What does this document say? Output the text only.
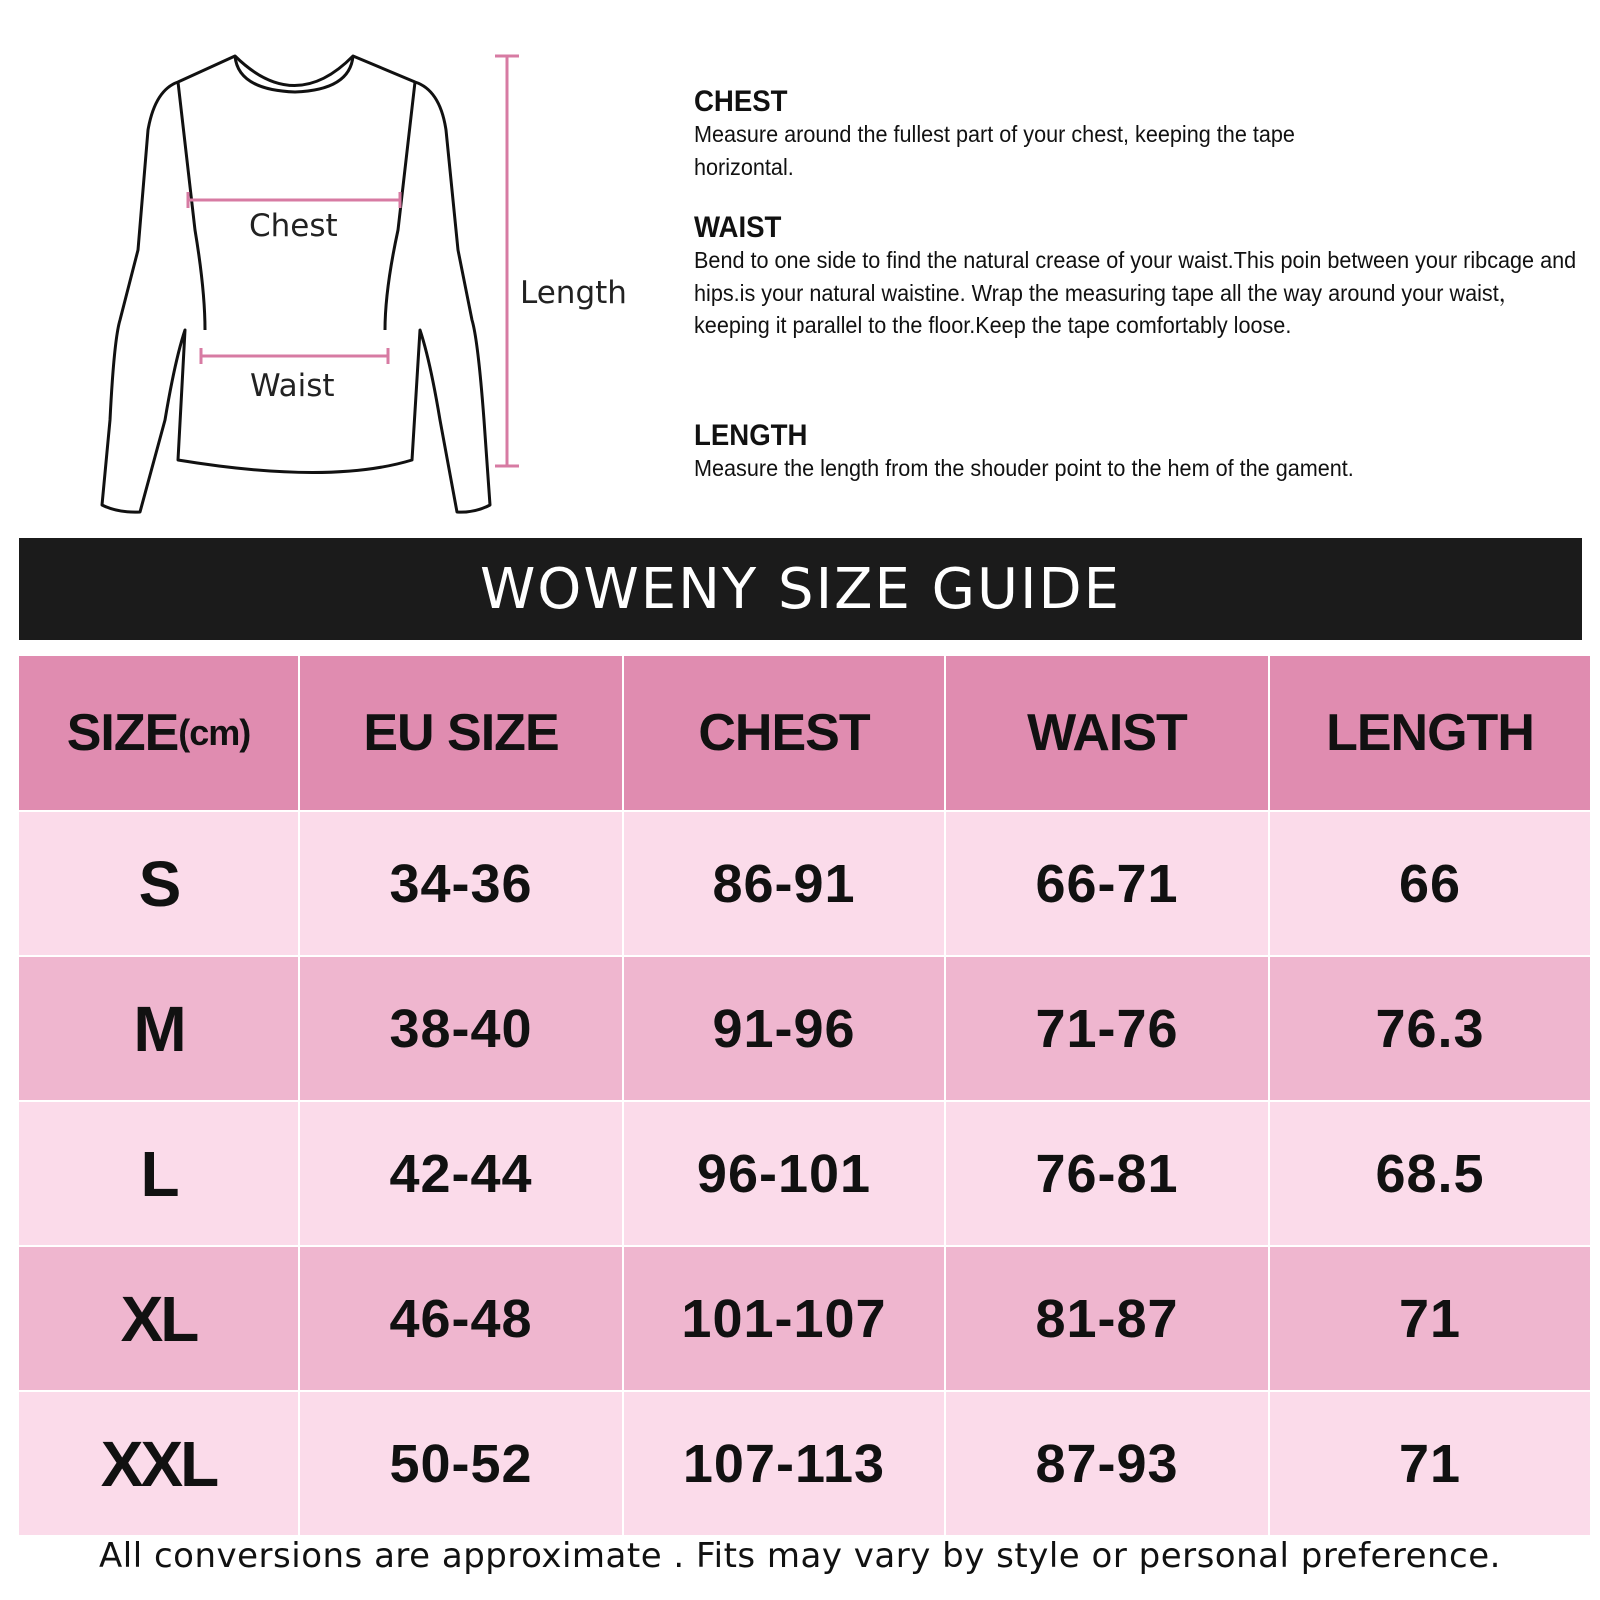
Chest
Waist
Length
CHEST

Measure around the fullest part of your chest, keeping the tape horizontal.

WAIST

Bend to one side to find the natural crease of your waist.This poin between your ribcage and hips.is your natural waistine. Wrap the measuring tape all the way around your waist， keeping it parallel to the floor.Keep the tape comfortably loose.

LENGTH

Measure the length from the shouder point to the hem of the gament.

WOWENY SIZE GUIDE
SIZE (cm)	EU SIZE	CHEST	WAIST	LENGTH
S	34-36	86-91	66-71	66
M	38-40	91-96	71-76	76.3
L	42-44	96-101	76-81	68.5
XL	46-48	101-107	81-87	71
XXL	50-52	107-113	87-93	71
All conversions are approximate . Fits may vary by style or personal preference.
